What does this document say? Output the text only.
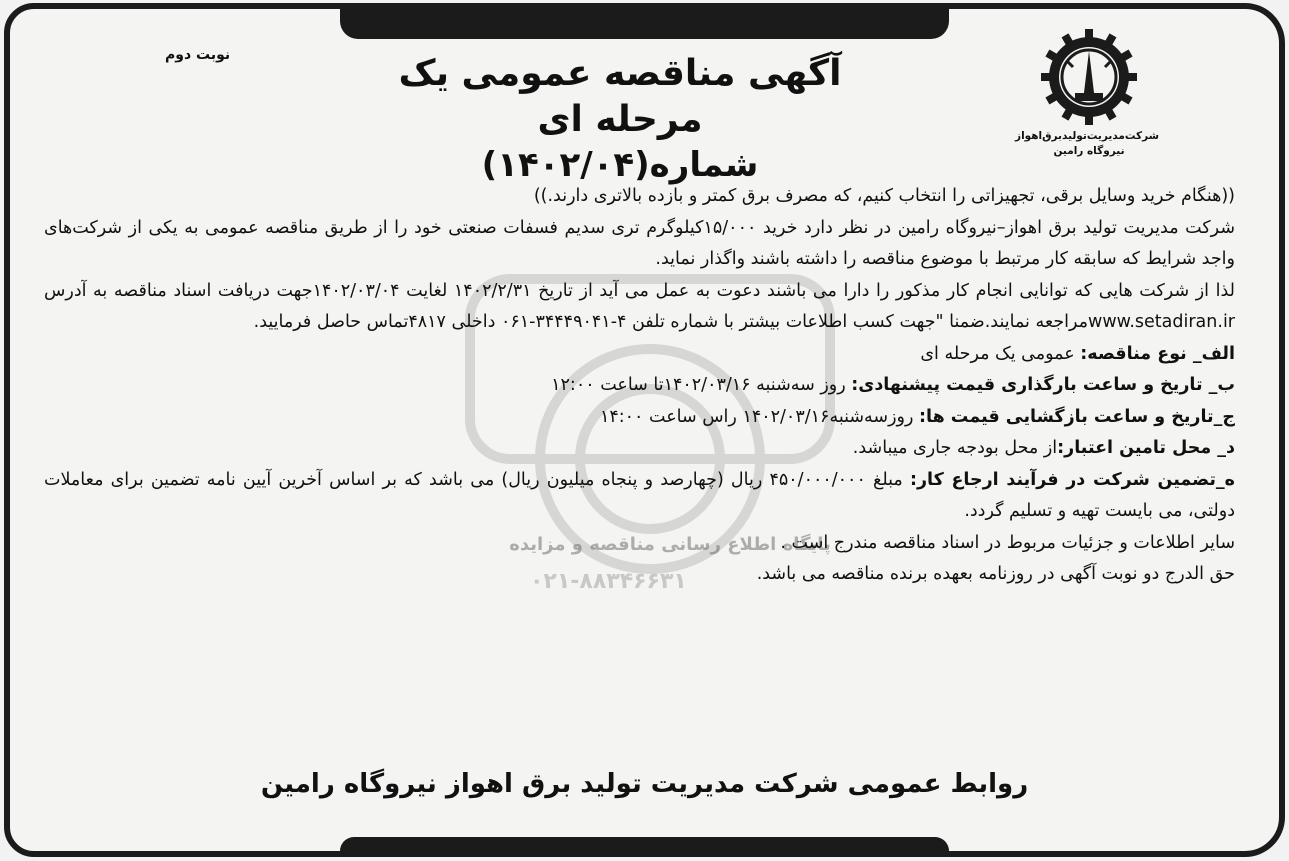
پایگاه اطلاع رسانی مناقصه و مزایده
۰۲۱-۸۸۳۴۶۶۳۱
شرکت‌مدیریت‌تولیدبرق‌اهواز
نیروگاه رامین
نوبت دوم	آگهی مناقصه عمومی یک مرحله ای
شماره(۱۴۰۲/۰۴)

((هنگام خرید وسایل برقی، تجهیزاتی را انتخاب کنیم، که مصرف برق کمتر و بازده بالاتری دارند.))

شرکت مدیریت تولید برق اهواز–نیروگاه رامین در نظر دارد خرید ۱۵/۰۰۰کیلوگرم تری سدیم فسفات صنعتی خود را از طریق مناقصه عمومی به یکی از شرکت‌های واجد شرایط که سابقه کار مرتبط با موضوع مناقصه را داشته باشند واگذار نماید.

لذا از شرکت هایی که توانایی انجام کار مذکور را دارا می باشند دعوت به عمل می آید از تاریخ ۱۴۰۲/۲/۳۱ لغایت ۱۴۰۲/۰۳/۰۴جهت دریافت اسناد مناقصه به آدرس www.setadiran.irمراجعه نمایند.ضمنا "جهت کسب اطلاعات بیشتر با شماره تلفن ۴-۳۴۴۴۹۰۴۱-۰۶۱ داخلی ۴۸۱۷تماس حاصل فرمایید.

الف_ نوع مناقصه: عمومی یک مرحله ای

ب_ تاریخ و ساعت بارگذاری قیمت پیشنهادی: روز سه‌شنبه ۱۴۰۲/۰۳/۱۶تا ساعت ۱۲:۰۰

ج_تاریخ و ساعت بازگشایی قیمت ها: روزسه‌شنبه۱۴۰۲/۰۳/۱۶ راس ساعت ۱۴:۰۰

د_ محل تامین اعتبار:از محل بودجه جاری میباشد.

ه_تضمین شرکت در فرآیند ارجاع کار: مبلغ ۴۵۰/۰۰۰/۰۰۰ ریال (چهارصد و پنجاه میلیون ریال) می باشد که بر اساس آخرین آیین نامه تضمین برای معاملات دولتی، می بایست تهیه و تسلیم گردد.

سایر اطلاعات و جزئیات مربوط در اسناد مناقصه مندرج است .

حق الدرج دو نوبت آگهی در روزنامه بعهده برنده مناقصه می باشد.

روابط عمومی شرکت مدیریت تولید برق اهواز نیروگاه رامین
